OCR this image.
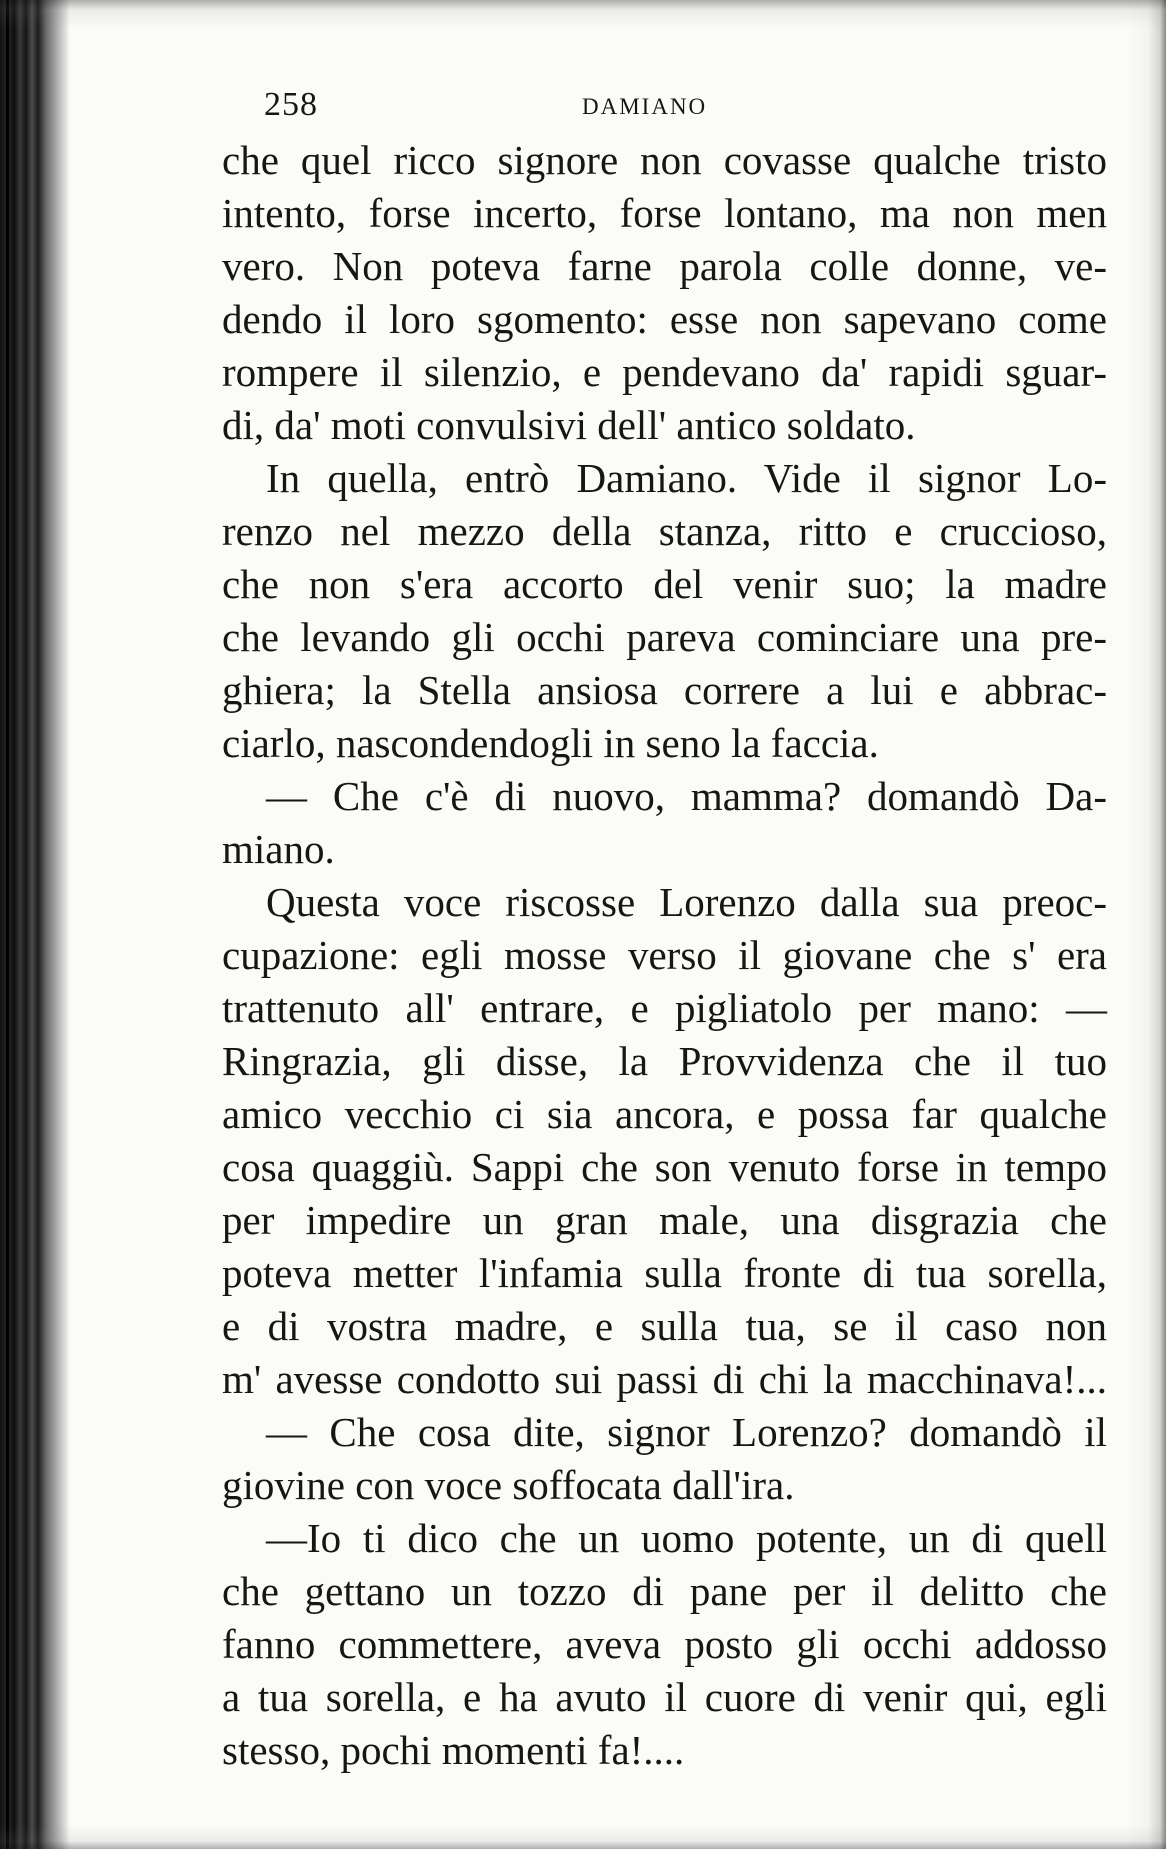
258	DAMIANO
che quel ricco signore non covasse qualche tristo
intento, forse incerto, forse lontano, ma non men
vero. Non poteva farne parola colle donne, ve-
dendo il loro sgomento: esse non sapevano come
rompere il silenzio, e pendevano da' rapidi sguar-
di, da' moti convulsivi dell' antico soldato.
In quella, entrò Damiano. Vide il signor Lo-
renzo nel mezzo della stanza, ritto e cruccioso,
che non s'era accorto del venir suo; la madre
che levando gli occhi pareva cominciare una pre-
ghiera; la Stella ansiosa correre a lui e abbrac-
ciarlo, nascondendogli in seno la faccia.
— Che c'è di nuovo, mamma? domandò Da-
miano.
Questa voce riscosse Lorenzo dalla sua preoc-
cupazione: egli mosse verso il giovane che s' era
trattenuto all' entrare, e pigliatolo per mano: —
Ringrazia, gli disse, la Provvidenza che il tuo
amico vecchio ci sia ancora, e possa far qualche
cosa quaggiù. Sappi che son venuto forse in tempo
per impedire un gran male, una disgrazia che
poteva metter l'infamia sulla fronte di tua sorella,
e di vostra madre, e sulla tua, se il caso non
m' avesse condotto sui passi di chi la macchinava!...
— Che cosa dite, signor Lorenzo? domandò il
giovine con voce soffocata dall'ira.
—Io ti dico che un uomo potente, un di quell
che gettano un tozzo di pane per il delitto che
fanno commettere, aveva posto gli occhi addosso
a tua sorella, e ha avuto il cuore di venir qui, egli
stesso, pochi momenti fa!....
